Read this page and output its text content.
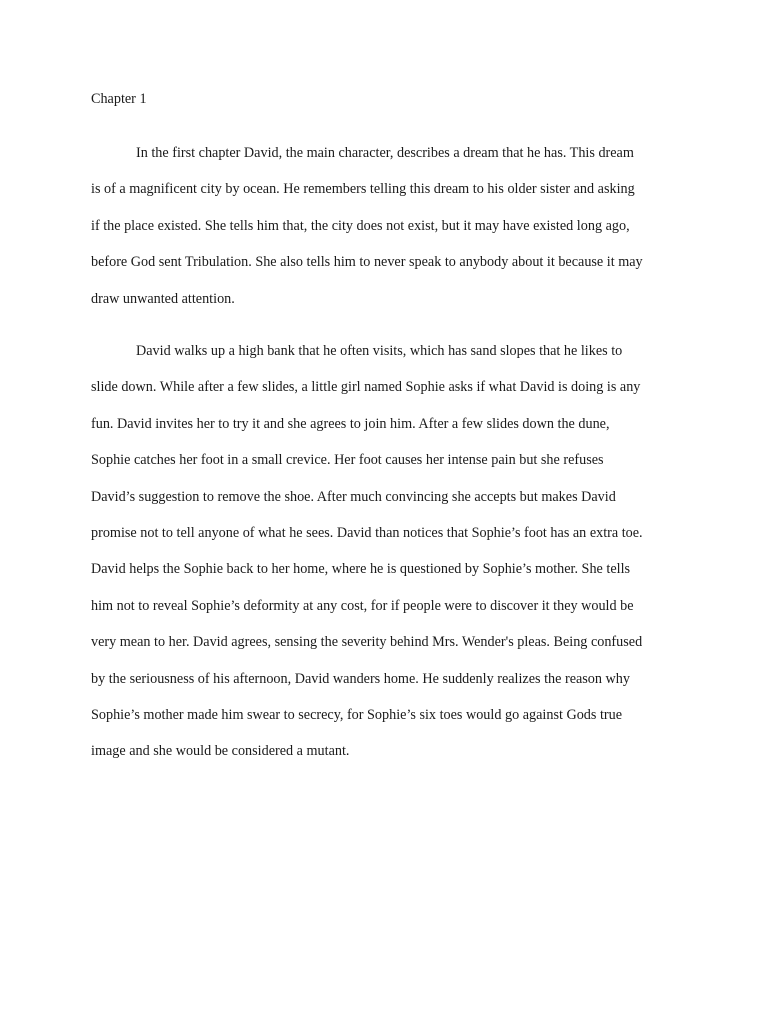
Chapter 1
In the first chapter David, the main character, describes a dream that he has. This dream
is of a magnificent city by ocean. He remembers telling this dream to his older sister and asking
if the place existed. She tells him that, the city does not exist, but it may have existed long ago,
before God sent Tribulation. She also tells him to never speak to anybody about it because it may
draw unwanted attention.
David walks up a high bank that he often visits, which has sand slopes that he likes to
slide down. While after a few slides, a little girl named Sophie asks if what David is doing is any
fun. David invites her to try it and she agrees to join him. After a few slides down the dune,
Sophie catches her foot in a small crevice. Her foot causes her intense pain but she refuses
David’s suggestion to remove the shoe. After much convincing she accepts but makes David
promise not to tell anyone of what he sees. David than notices that Sophie’s foot has an extra toe.
David helps the Sophie back to her home, where he is questioned by Sophie’s mother. She tells
him not to reveal Sophie’s deformity at any cost, for if people were to discover it they would be
very mean to her. David agrees, sensing the severity behind Mrs. Wender's pleas. Being confused
by the seriousness of his afternoon, David wanders home. He suddenly realizes the reason why
Sophie’s mother made him swear to secrecy, for Sophie’s six toes would go against Gods true
image and she would be considered a mutant.
